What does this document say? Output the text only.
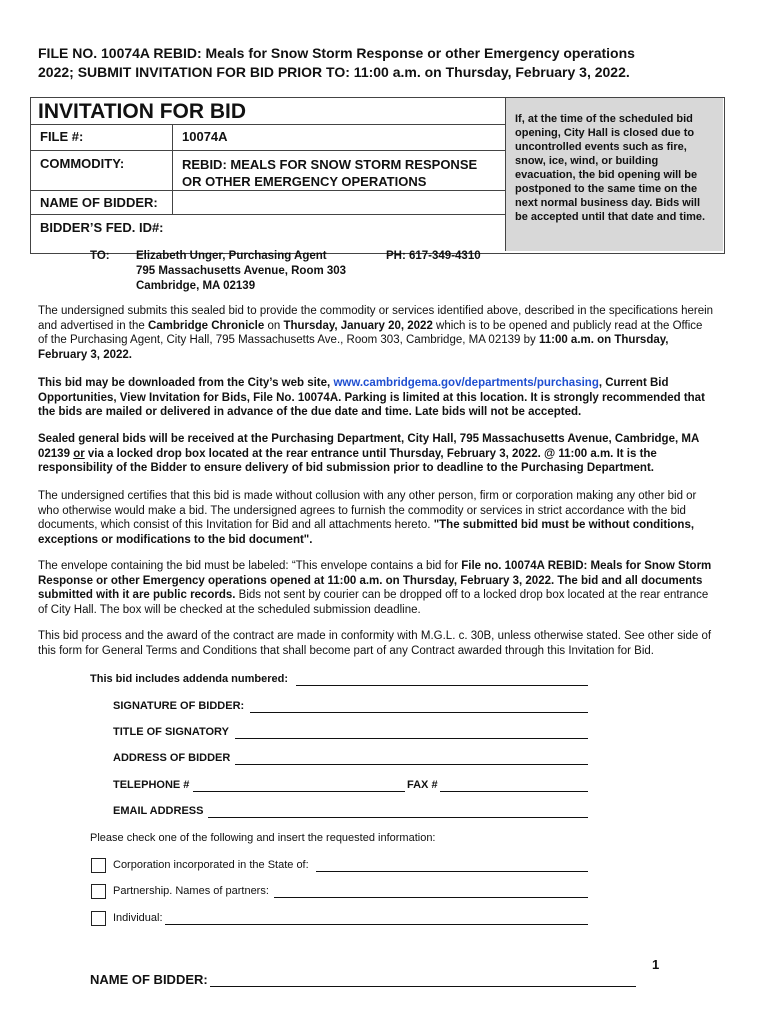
FILE NO. 10074A REBID: Meals for Snow Storm Response or other Emergency operations
2022; SUBMIT INVITATION FOR BID PRIOR TO: 11:00 a.m. on Thursday, February 3, 2022.
If, at the time of the scheduled bid opening, City Hall is closed due to uncontrolled events such as fire, snow, ice, wind, or building evacuation, the bid opening will be postponed to the same time on the next normal business day. Bids will be accepted until that date and time.
INVITATION FOR BID
FILE #:	10074A
COMMODITY:	REBID: MEALS FOR SNOW STORM RESPONSE
OR OTHER EMERGENCY OPERATIONS
NAME OF BIDDER:
BIDDER’S FED. ID#:
TO: Elizabeth Unger, Purchasing Agent
795 Massachusetts Avenue, Room 303
Cambridge, MA 02139
PH: 617-349-4310
The undersigned submits this sealed bid to provide the commodity or services identified above, described in the specifications herein and advertised in the Cambridge Chronicle on Thursday, January 20, 2022 which is to be opened and publicly read at the Office of the Purchasing Agent, City Hall, 795 Massachusetts Ave., Room 303, Cambridge, MA 02139 by 11:00 a.m. on Thursday, February 3, 2022.
This bid may be downloaded from the City’s web site, www.cambridgema.gov/departments/purchasing, Current Bid Opportunities, View Invitation for Bids, File No. 10074A. Parking is limited at this location. It is strongly recommended that the bids are mailed or delivered in advance of the due date and time. Late bids will not be accepted.
Sealed general bids will be received at the Purchasing Department, City Hall, 795 Massachusetts Avenue, Cambridge, MA 02139 or via a locked drop box located at the rear entrance until Thursday, February 3, 2022. @ 11:00 a.m. It is the responsibility of the Bidder to ensure delivery of bid submission prior to deadline to the Purchasing Department.
The undersigned certifies that this bid is made without collusion with any other person, firm or corporation making any other bid or who otherwise would make a bid. The undersigned agrees to furnish the commodity or services in strict accordance with the bid documents, which consist of this Invitation for Bid and all attachments hereto. "The submitted bid must be without conditions, exceptions or modifications to the bid document".
The envelope containing the bid must be labeled: “This envelope contains a bid for File no. 10074A REBID: Meals for Snow Storm Response or other Emergency operations opened at 11:00 a.m. on Thursday, February 3, 2022. The bid and all documents submitted with it are public records. Bids not sent by courier can be dropped off to a locked drop box located at the rear entrance of City Hall. The box will be checked at the scheduled submission deadline.
This bid process and the award of the contract are made in conformity with M.G.L. c. 30B, unless otherwise stated. See other side of this form for General Terms and Conditions that shall become part of any Contract awarded through this Invitation for Bid.
This bid includes addenda numbered:
SIGNATURE OF BIDDER:
TITLE OF SIGNATORY
ADDRESS OF BIDDER
TELEPHONE #	FAX #
EMAIL ADDRESS
Please check one of the following and insert the requested information:
Corporation incorporated in the State of:
Partnership. Names of partners:
Individual:
1
NAME OF BIDDER:
